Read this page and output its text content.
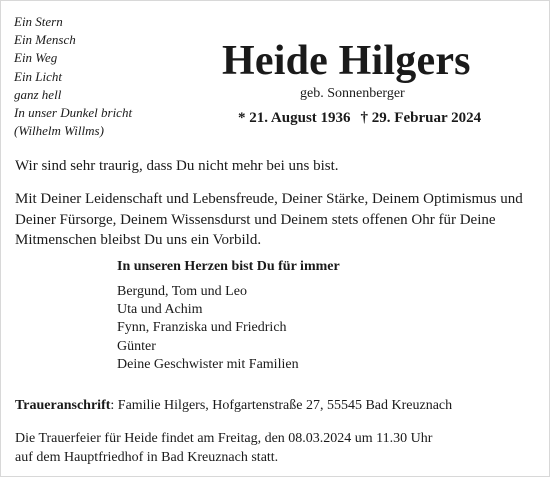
Ein Stern
Ein Mensch
Ein Weg
Ein Licht
ganz hell
In unser Dunkel bricht
(Wilhelm Willms)
Heide Hilgers
geb. Sonnenberger
* 21. August 1936 † 29. Februar 2024
Wir sind sehr traurig, dass Du nicht mehr bei uns bist.
Mit Deiner Leidenschaft und Lebensfreude, Deiner Stärke, Deinem Optimismus und Deiner Fürsorge, Deinem Wissensdurst und Deinem stets offenen Ohr für Deine Mitmenschen bleibst Du uns ein Vorbild.
In unseren Herzen bist Du für immer
Bergund, Tom und Leo
Uta und Achim
Fynn, Franziska und Friedrich
Günter
Deine Geschwister mit Familien
Traueranschrift: Familie Hilgers, Hofgartenstraße 27, 55545 Bad Kreuznach
Die Trauerfeier für Heide findet am Freitag, den 08.03.2024 um 11.30 Uhr
auf dem Hauptfriedhof in Bad Kreuznach statt.
